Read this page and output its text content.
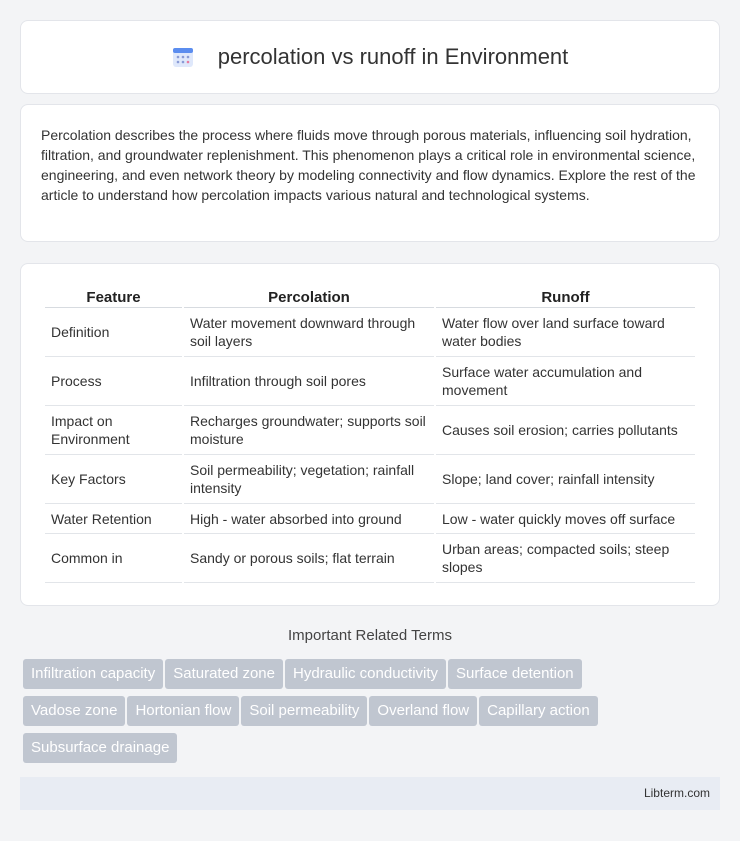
percolation vs runoff in Environment

Percolation describes the process where fluids move through porous materials, influencing soil hydration, filtration, and groundwater replenishment. This phenomenon plays a critical role in environmental science, engineering, and even network theory by modeling connectivity and flow dynamics. Explore the rest of the article to understand how percolation impacts various natural and technological systems.

Feature	Percolation	Runoff
Definition	Water movement downward through soil layers	Water flow over land surface toward water bodies
Process	Infiltration through soil pores	Surface water accumulation and movement
Impact on Environment	Recharges groundwater; supports soil moisture	Causes soil erosion; carries pollutants
Key Factors	Soil permeability; vegetation; rainfall intensity	Slope; land cover; rainfall intensity
Water Retention	High - water absorbed into ground	Low - water quickly moves off surface
Common in	Sandy or porous soils; flat terrain	Urban areas; compacted soils; steep slopes
Important Related Terms
Infiltration capacity Saturated zone Hydraulic conductivity Surface detention
Vadose zone Hortonian flow Soil permeability Overland flow Capillary action
Subsurface drainage
Libterm.com
